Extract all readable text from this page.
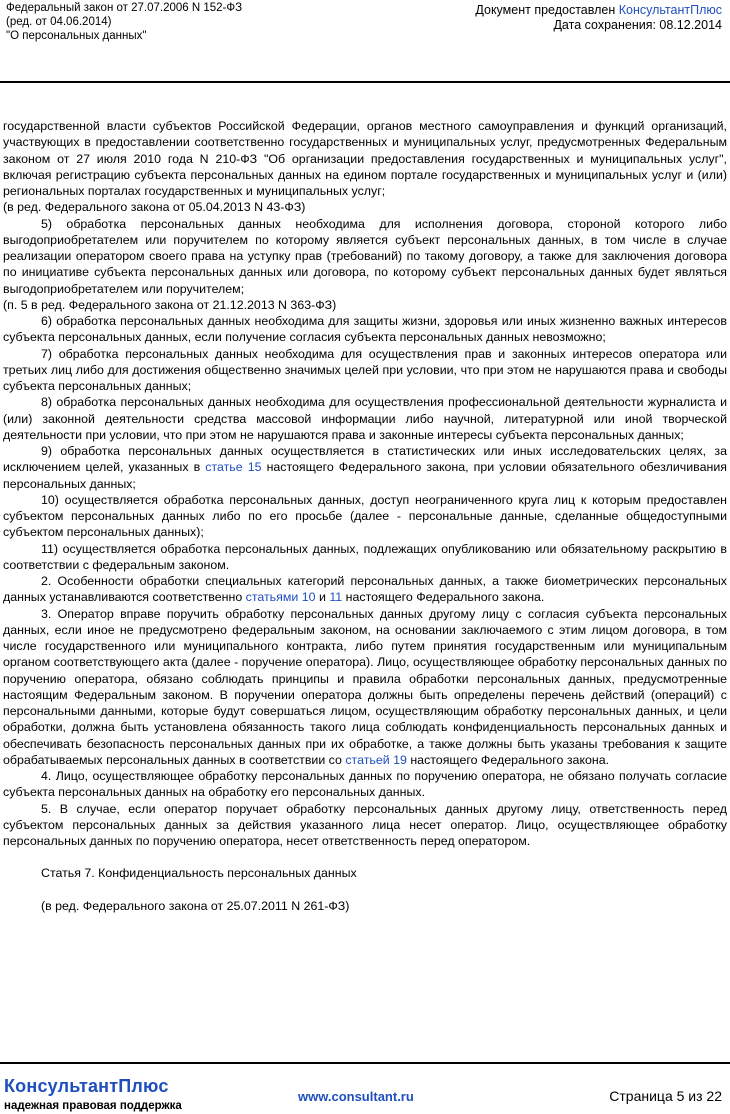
Федеральный закон от 27.07.2006 N 152-ФЗ
(ред. от 04.06.2014)
"О персональных данных"
Документ предоставлен КонсультантПлюс
Дата сохранения: 08.12.2014

государственной власти субъектов Российской Федерации, органов местного самоуправления и функций организаций, участвующих в предоставлении соответственно государственных и муниципальных услуг, предусмотренных Федеральным законом от 27 июля 2010 года N 210-ФЗ "Об организации предоставления государственных и муниципальных услуг", включая регистрацию субъекта персональных данных на едином портале государственных и муниципальных услуг и (или) региональных порталах государственных и муниципальных услуг;

(в ред. Федерального закона от 05.04.2013 N 43-ФЗ)

5) обработка персональных данных необходима для исполнения договора, стороной которого либо выгодоприобретателем или поручителем по которому является субъект персональных данных, в том числе в случае реализации оператором своего права на уступку прав (требований) по такому договору, а также для заключения договора по инициативе субъекта персональных данных или договора, по которому субъект персональных данных будет являться выгодоприобретателем или поручителем;

(п. 5 в ред. Федерального закона от 21.12.2013 N 363-ФЗ)

6) обработка персональных данных необходима для защиты жизни, здоровья или иных жизненно важных интересов субъекта персональных данных, если получение согласия субъекта персональных данных невозможно;

7) обработка персональных данных необходима для осуществления прав и законных интересов оператора или третьих лиц либо для достижения общественно значимых целей при условии, что при этом не нарушаются права и свободы субъекта персональных данных;

8) обработка персональных данных необходима для осуществления профессиональной деятельности журналиста и (или) законной деятельности средства массовой информации либо научной, литературной или иной творческой деятельности при условии, что при этом не нарушаются права и законные интересы субъекта персональных данных;

9) обработка персональных данных осуществляется в статистических или иных исследовательских целях, за исключением целей, указанных в статье 15 настоящего Федерального закона, при условии обязательного обезличивания персональных данных;

10) осуществляется обработка персональных данных, доступ неограниченного круга лиц к которым предоставлен субъектом персональных данных либо по его просьбе (далее - персональные данные, сделанные общедоступными субъектом персональных данных);

11) осуществляется обработка персональных данных, подлежащих опубликованию или обязательному раскрытию в соответствии с федеральным законом.

2. Особенности обработки специальных категорий персональных данных, а также биометрических персональных данных устанавливаются соответственно статьями 10 и 11 настоящего Федерального закона.

3. Оператор вправе поручить обработку персональных данных другому лицу с согласия субъекта персональных данных, если иное не предусмотрено федеральным законом, на основании заключаемого с этим лицом договора, в том числе государственного или муниципального контракта, либо путем принятия государственным или муниципальным органом соответствующего акта (далее - поручение оператора). Лицо, осуществляющее обработку персональных данных по поручению оператора, обязано соблюдать принципы и правила обработки персональных данных, предусмотренные настоящим Федеральным законом. В поручении оператора должны быть определены перечень действий (операций) с персональными данными, которые будут совершаться лицом, осуществляющим обработку персональных данных, и цели обработки, должна быть установлена обязанность такого лица соблюдать конфиденциальность персональных данных и обеспечивать безопасность персональных данных при их обработке, а также должны быть указаны требования к защите обрабатываемых персональных данных в соответствии со статьей 19 настоящего Федерального закона.

4. Лицо, осуществляющее обработку персональных данных по поручению оператора, не обязано получать согласие субъекта персональных данных на обработку его персональных данных.

5. В случае, если оператор поручает обработку персональных данных другому лицу, ответственность перед субъектом персональных данных за действия указанного лица несет оператор. Лицо, осуществляющее обработку персональных данных по поручению оператора, несет ответственность перед оператором.

Статья 7. Конфиденциальность персональных данных

(в ред. Федерального закона от 25.07.2011 N 261-ФЗ)

КонсультантПлюс
надежная правовая поддержка
www.consultant.ru	Страница 5 из 22
